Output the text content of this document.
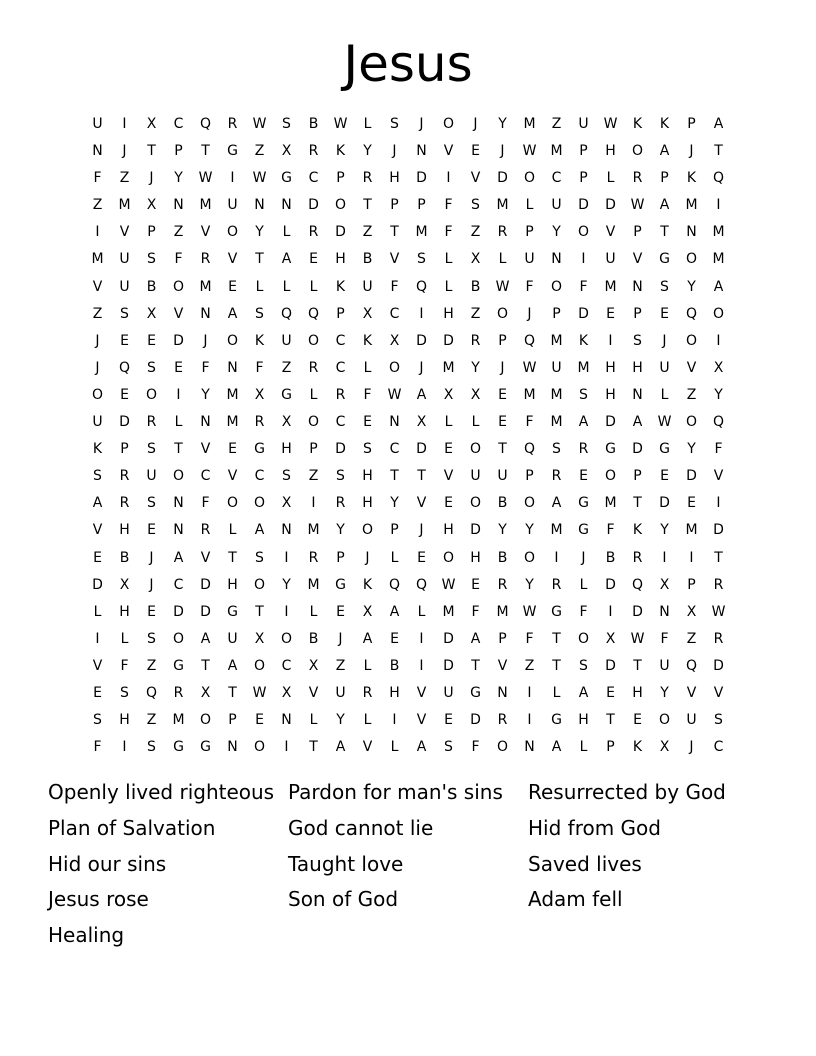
Jesus
U	I	X	C	Q	R	W	S	B	W	L	S	J	O	J	Y	M	Z	U	W	K	K	P	A
N	J	T	P	T	G	Z	X	R	K	Y	J	N	V	E	J	W	M	P	H	O	A	J	T
F	Z	J	Y	W	I	W	G	C	P	R	H	D	I	V	D	O	C	P	L	R	P	K	Q
Z	M	X	N	M	U	N	N	D	O	T	P	P	F	S	M	L	U	D	D	W	A	M	I
I	V	P	Z	V	O	Y	L	R	D	Z	T	M	F	Z	R	P	Y	O	V	P	T	N	M
M	U	S	F	R	V	T	A	E	H	B	V	S	L	X	L	U	N	I	U	V	G	O	M
V	U	B	O	M	E	L	L	L	K	U	F	Q	L	B	W	F	O	F	M	N	S	Y	A
Z	S	X	V	N	A	S	Q	Q	P	X	C	I	H	Z	O	J	P	D	E	P	E	Q	O
J	E	E	D	J	O	K	U	O	C	K	X	D	D	R	P	Q	M	K	I	S	J	O	I
J	Q	S	E	F	N	F	Z	R	C	L	O	J	M	Y	J	W	U	M	H	H	U	V	X
O	E	O	I	Y	M	X	G	L	R	F	W	A	X	X	E	M	M	S	H	N	L	Z	Y
U	D	R	L	N	M	R	X	O	C	E	N	X	L	L	E	F	M	A	D	A	W	O	Q
K	P	S	T	V	E	G	H	P	D	S	C	D	E	O	T	Q	S	R	G	D	G	Y	F
S	R	U	O	C	V	C	S	Z	S	H	T	T	V	U	U	P	R	E	O	P	E	D	V
A	R	S	N	F	O	O	X	I	R	H	Y	V	E	O	B	O	A	G	M	T	D	E	I
V	H	E	N	R	L	A	N	M	Y	O	P	J	H	D	Y	Y	M	G	F	K	Y	M	D
E	B	J	A	V	T	S	I	R	P	J	L	E	O	H	B	O	I	J	B	R	I	I	T
D	X	J	C	D	H	O	Y	M	G	K	Q	Q	W	E	R	Y	R	L	D	Q	X	P	R
L	H	E	D	D	G	T	I	L	E	X	A	L	M	F	M	W	G	F	I	D	N	X	W
I	L	S	O	A	U	X	O	B	J	A	E	I	D	A	P	F	T	O	X	W	F	Z	R
V	F	Z	G	T	A	O	C	X	Z	L	B	I	D	T	V	Z	T	S	D	T	U	Q	D
E	S	Q	R	X	T	W	X	V	U	R	H	V	U	G	N	I	L	A	E	H	Y	V	V
S	H	Z	M	O	P	E	N	L	Y	L	I	V	E	D	R	I	G	H	T	E	O	U	S
F	I	S	G	G	N	O	I	T	A	V	L	A	S	F	O	N	A	L	P	K	X	J	C
Openly lived righteous Pardon for man's sins	Resurrected by God
Plan of Salvation	God cannot lie	Hid from God
Hid our sins	Taught love	Saved lives
Jesus rose	Son of God	Adam fell
Healing
